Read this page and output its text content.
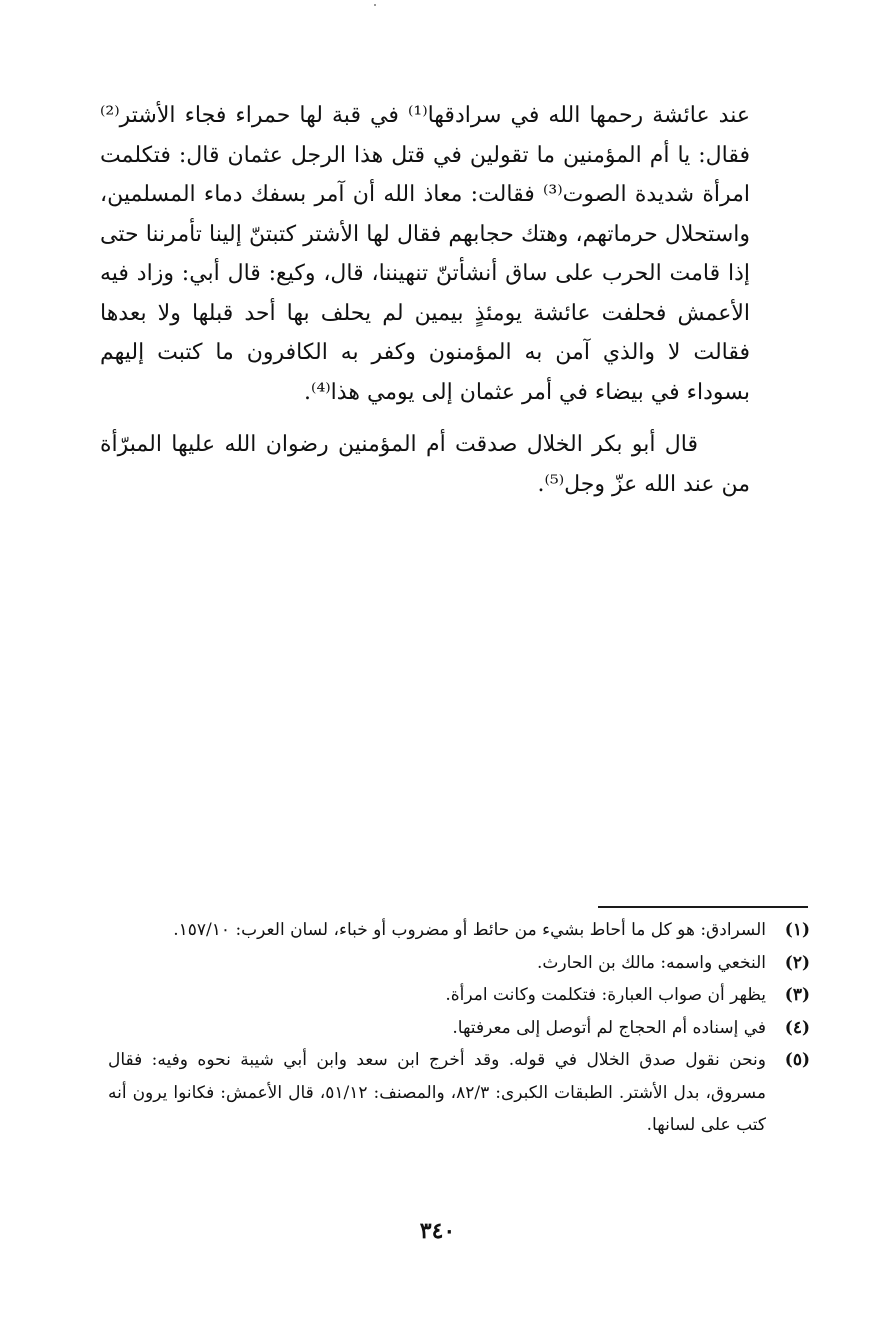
عند عائشة رحمها الله في سرادقها⁽¹⁾ في قبة لها حمراء فجاء الأشتر⁽²⁾ فقال: يا أم المؤمنين ما تقولين في قتل هذا الرجل عثمان قال: فتكلمت امرأة شديدة الصوت⁽³⁾ فقالت: معاذ الله أن آمر بسفك دماء المسلمين، واستحلال حرماتهم، وهتك حجابهم فقال لها الأشتر كتبتنّ إلينا تأمرننا حتى إذا قامت الحرب على ساق أنشأتنّ تنهيننا، قال، وكيع: قال أبي: وزاد فيه الأعمش فحلفت عائشة يومئذٍ بيمين لم يحلف بها أحد قبلها ولا بعدها فقالت لا والذي آمن به المؤمنون وكفر به الكافرون ما كتبت إليهم بسوداء في بيضاء في أمر عثمان إلى يومي هذا⁽⁴⁾.

قال أبو بكر الخلال صدقت أم المؤمنين رضوان الله عليها المبرّأة من عند الله عزّ وجل⁽⁵⁾.

(١)
السرادق: هو كل ما أحاط بشيء من حائط أو مضروب أو خباء، لسان العرب: ١٥٧/١٠.
(٢)
النخعي واسمه: مالك بن الحارث.
(٣)
يظهر أن صواب العبارة: فتكلمت وكانت امرأة.
(٤)
في إسناده أم الحجاج لم أتوصل إلى معرفتها.
(٥)
ونحن نقول صدق الخلال في قوله. وقد أخرج ابن سعد وابن أبي شيبة نحوه وفيه: فقال مسروق، بدل الأشتر. الطبقات الكبرى: ٨٢/٣، والمصنف: ٥١/١٢، قال الأعمش: فكانوا يرون أنه كتب على لسانها.
٣٤٠
